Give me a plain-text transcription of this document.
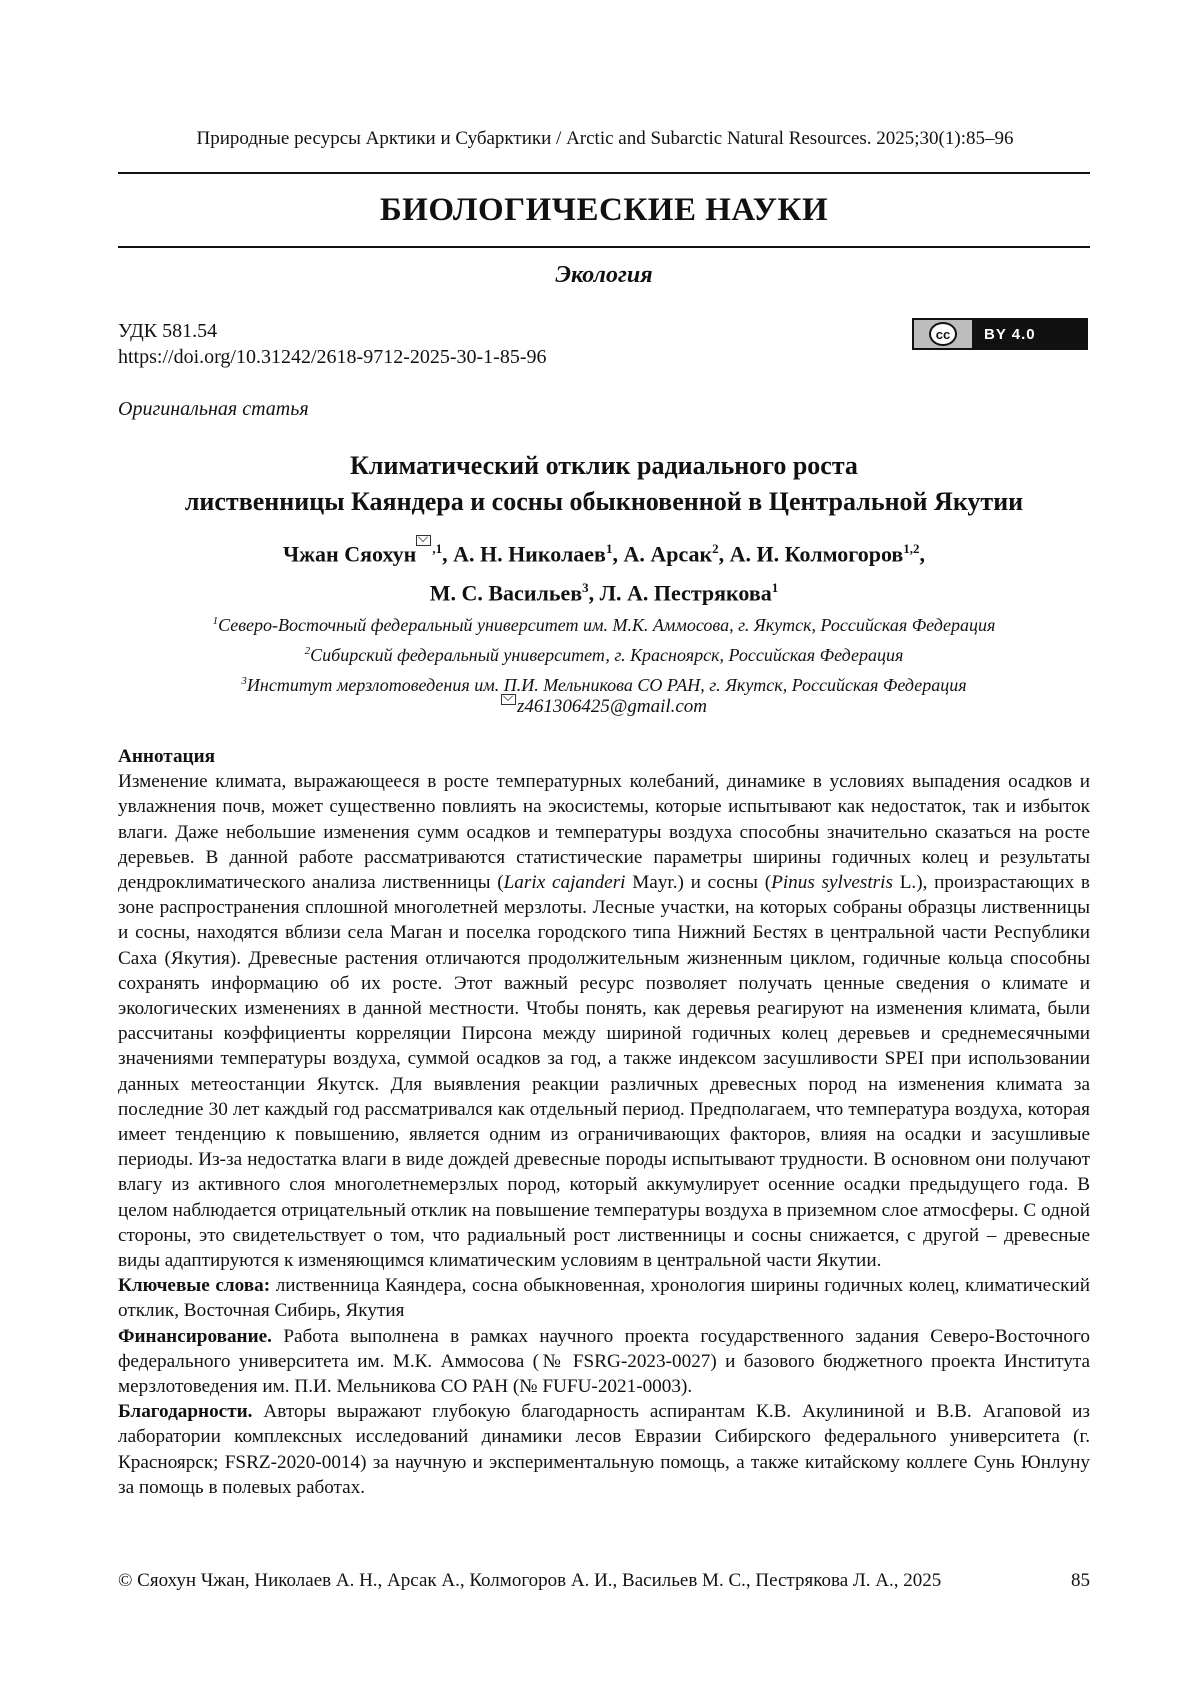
Природные ресурсы Арктики и Субарктики / Arctic and Subarctic Natural Resources. 2025;30(1):85–96
БИОЛОГИЧЕСКИЕ НАУКИ
Экология
УДК 581.54
https://doi.org/10.31242/2618-9712-2025-30-1-85-96
cc	BY 4.0
Оригинальная статья
Климатический отклик радиального роста
лиственницы Каяндера и сосны обыкновенной в Центральной Якутии
Чжан Сяохун $^{,1}$, А. Н. Николаев$^1$, А. Арсак$^2$, А. И. Колмогоров$^{1,2}$,
М. С. Васильев$^3$, Л. А. Пестрякова$^1$
$^1$Северо-Восточный федеральный университет им. М.К. Аммосова, г. Якутск, Российская Федерация
$^2$Сибирский федеральный университет, г. Красноярск, Российская Федерация
$^3$Институт мерзлотоведения им. П.И. Мельникова СО РАН, г. Якутск, Российская Федерация
z461306425@gmail.com
Аннотация

Изменение климата, выражающееся в росте температурных колебаний, динамике в условиях выпадения осадков и увлажнения почв, может существенно повлиять на экосистемы, которые испытывают как недостаток, так и избыток влаги. Даже небольшие изменения сумм осадков и температуры воздуха способны значительно сказаться на росте деревьев. В данной работе рассматриваются статистические параметры ширины годичных колец и результаты дендроклиматического анализа лиственницы (Larix cajanderi Mayr.) и сосны (Pinus sylvestris L.), произрастающих в зоне распространения сплошной многолетней мерзлоты. Лесные участки, на которых собраны образцы лиственницы и сосны, находятся вблизи села Маган и поселка городского типа Нижний Бестях в центральной части Республики Саха (Якутия). Древесные растения отличаются продолжительным жизненным циклом, годичные кольца способны сохранять информацию об их росте. Этот важный ресурс позволяет получать ценные сведения о климате и экологических изменениях в данной местности. Чтобы понять, как деревья реагируют на изменения климата, были рассчитаны коэффициенты корреляции Пирсона между шириной годичных колец деревьев и среднемесячными значениями температуры воздуха, суммой осадков за год, а также индексом засушливости SPEI при использовании данных метеостанции Якутск. Для выявления реакции различных древесных пород на изменения климата за последние 30 лет каждый год рассматривался как отдельный период. Предполагаем, что температура воздуха, которая имеет тенденцию к повышению, является одним из ограничивающих факторов, влияя на осадки и засушливые периоды. Из-за недостатка влаги в виде дождей древесные породы испытывают трудности. В основном они получают влагу из активного слоя многолетнемерзлых пород, который аккумулирует осенние осадки предыдущего года. В целом наблюдается отрицательный отклик на повышение температуры воздуха в приземном слое атмосферы. С одной стороны, это свидетельствует о том, что радиальный рост лиственницы и сосны снижается, с другой – древесные виды адаптируются к изменяющимся климатическим условиям в центральной части Якутии.

Ключевые слова: лиственница Каяндера, сосна обыкновенная, хронология ширины годичных колец, климатический отклик, Восточная Сибирь, Якутия

Финансирование. Работа выполнена в рамках научного проекта государственного задания Северо-Восточного федерального университета им. М.К. Аммосова (№ FSRG-2023-0027) и базового бюджетного проекта Института мерзлотоведения им. П.И. Мельникова СО РАН (№ FUFU-2021-0003).

Благодарности. Авторы выражают глубокую благодарность аспирантам К.В. Акулининой и В.В. Агаповой из лаборатории комплексных исследований динамики лесов Евразии Сибирского федерального университета (г. Красноярск; FSRZ-2020-0014) за научную и экспериментальную помощь, а также китайскому коллеге Сунь Юнлуну за помощь в полевых работах.

© Сяохун Чжан, Николаев А. Н., Арсак А., Колмогоров А. И., Васильев М. С., Пестрякова Л. А., 2025	85
